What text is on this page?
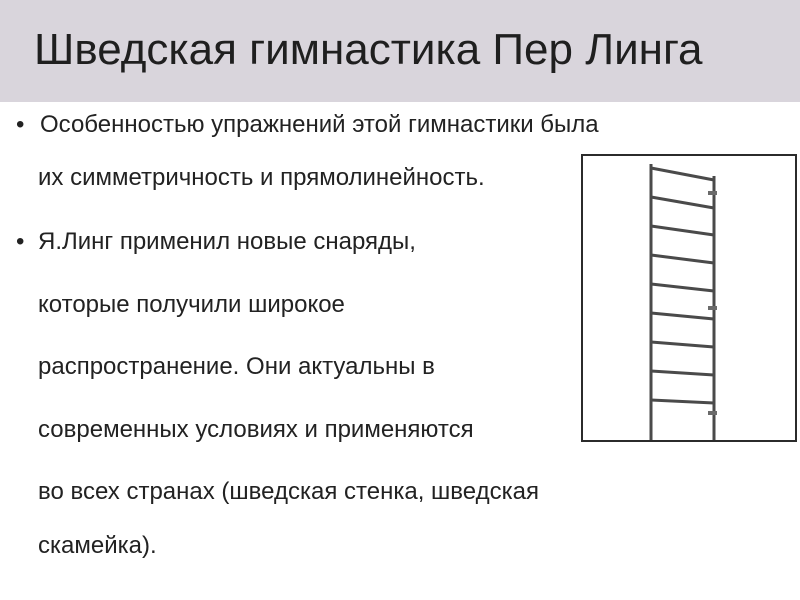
Шведская гимнастика Пер Линга
• Особенностью упражнений этой гимнастики была
их симметричность и прямолинейность.
• Я.Линг применил новые снаряды,
которые получили широкое
распространение. Они актуальны в
современных условиях и применяются
во всех странах (шведская стенка, шведская
скамейка).
